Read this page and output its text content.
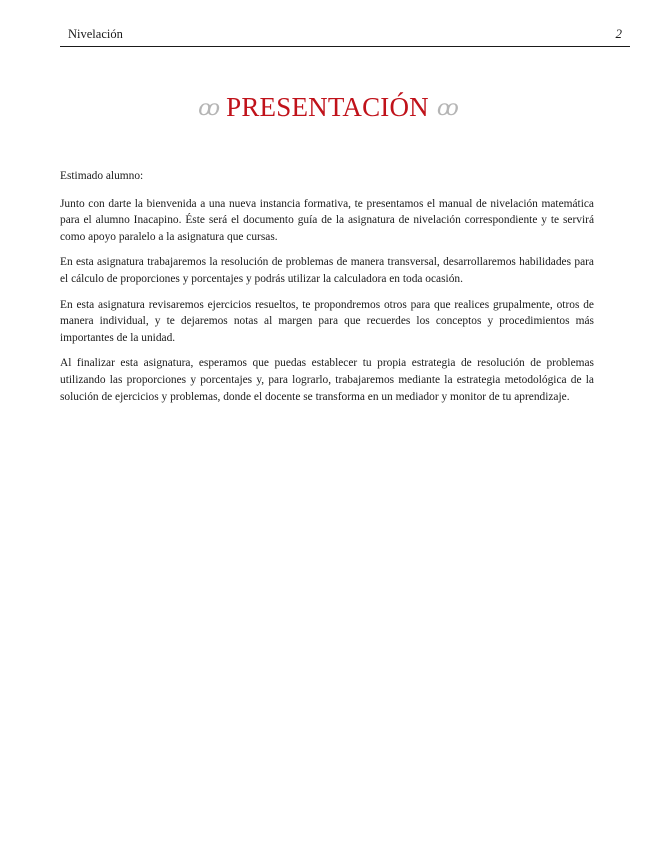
Nivelación	2
ꝏ PRESENTACIÓN ꝏ

Estimado alumno:

Junto con darte la bienvenida a una nueva instancia formativa, te presentamos el manual de nivelación matemática para el alumno Inacapino. Éste será el documento guía de la asignatura de nivelación correspondiente y te servirá como apoyo paralelo a la asignatura que cursas.

En esta asignatura trabajaremos la resolución de problemas de manera transversal, desarrollaremos habilidades para el cálculo de proporciones y porcentajes y podrás utilizar la calculadora en toda ocasión.

En esta asignatura revisaremos ejercicios resueltos, te propondremos otros para que realices grupalmente, otros de manera individual, y te dejaremos notas al margen para que recuerdes los conceptos y procedimientos más importantes de la unidad.

Al finalizar esta asignatura, esperamos que puedas establecer tu propia estrategia de resolución de problemas utilizando las proporciones y porcentajes y, para lograrlo, trabajaremos mediante la estrategia metodológica de la solución de ejercicios y problemas, donde el docente se transforma en un mediador y monitor de tu aprendizaje.
